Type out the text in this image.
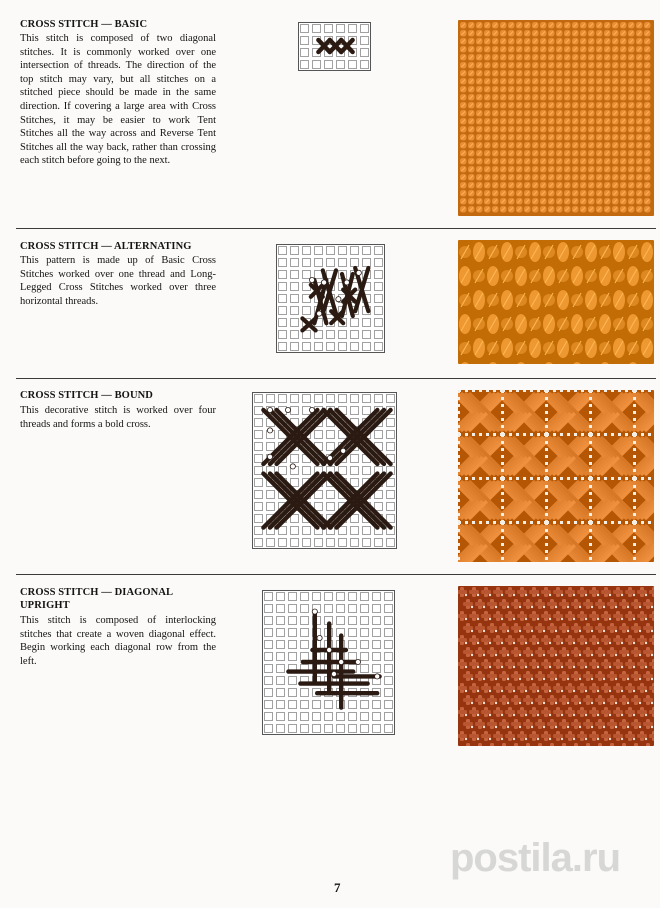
CROSS STITCH — BASIC
This stitch is composed of two diagonal stitches. It is commonly worked over one intersection of threads. The direction of the top stitch may vary, but all stitches on a stitched piece should be made in the same direction. If covering a large area with Cross Stitches, it may be easier to work Tent Stitches all the way across and Reverse Tent Stitches all the way back, rather than crossing each stitch before going to the next.
CROSS STITCH — ALTERNATING
This pattern is made up of Basic Cross Stitches worked over one thread and Long-Legged Cross Stitches worked over three horizontal threads.
CROSS STITCH — BOUND
This decorative stitch is worked over four threads and forms a bold cross.
CROSS STITCH — DIAGONAL UPRIGHT
This stitch is composed of interlocking stitches that create a woven diagonal effect. Begin working each diagonal row from the left.
7
postila.ru
